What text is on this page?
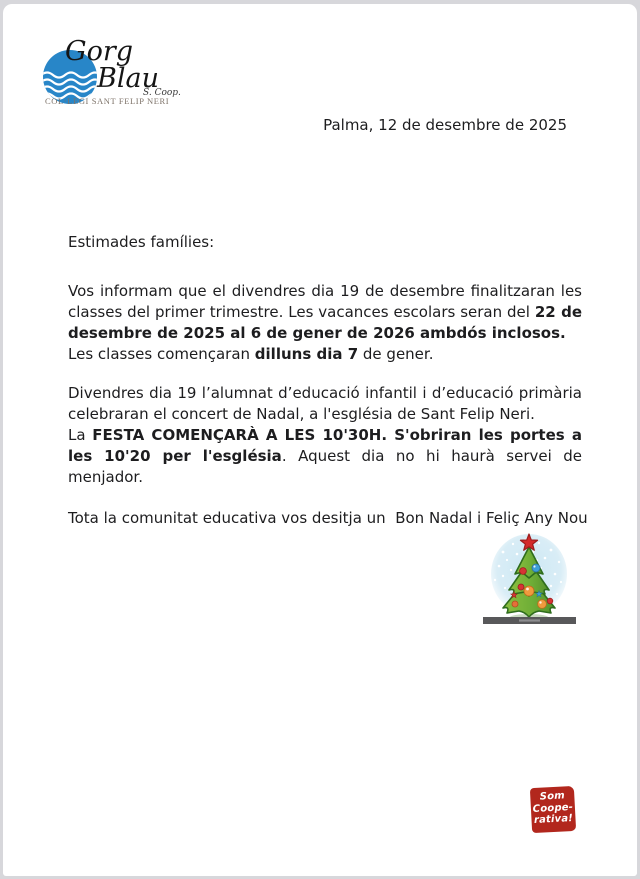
Gorg
Blau
S. Coop.
COL·LEGI SANT FELIP NERI
Palma, 12 de desembre de 2025

Estimades famílies:

Vos informam que el divendres dia 19 de desembre finalitzaran les classes del primer trimestre. Les vacances escolars seran del 22 de desembre de 2025 al 6 de gener de 2026 ambdós inclosos.

Les classes començaran dilluns dia 7 de gener.

Divendres dia 19 l’alumnat d’educació infantil i d’educació primària celebraran el concert de Nadal, a l'església de Sant Felip Neri.

La FESTA COMENÇARÀ A LES 10'30H. S'obriran les portes a les 10'20 per l'església. Aquest dia no hi haurà servei de menjador.

Tota la comunitat educativa vos desitja un  Bon Nadal i Feliç Any Nou

Som
Coope-
rativa!
